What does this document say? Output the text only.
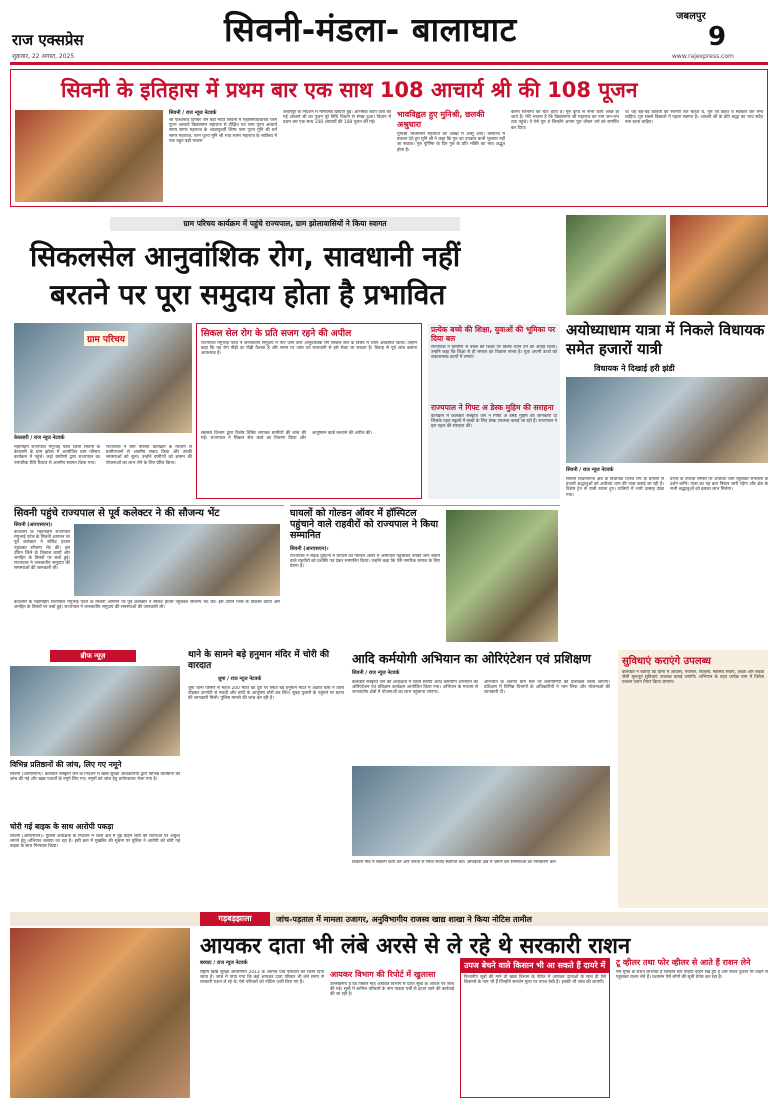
राज एक्सप्रेस
शुक्रवार, 22 अगस्त, 2025
सिवनी-मंडला- बालाघाट	जबलपुर
9
www.rajexpress.com
सिवनी के इतिहास में प्रथम बार एक साथ 108 आचार्य श्री की 108 पूजन
सिवनी / राज न्यूज नेटवर्क
श्री पार्श्वनाथ दिगंबर जैन बड़ा मंदिर सिवनी में महासमाधिधारक परम पूज्य आचार्य विद्यासागर महाराज से दीक्षित एवं परम पूज्य आचार्य समय सागर महाराज के आज्ञानुवर्ती शिष्य परम पूज्य मुनि श्री धर्म सागर महाराज, परम पूज्य मुनि श्री भाव सागर महाराज के सान्निध्य में एक बहुत बड़ी भावना
जबलपुर के निर्देशन में मांगलिक क्रियाएं हुई। अभिषेक शांति धारा की गई आचार्य श्री का पूजन पूरे विधि विधान से संपन्न हुआ। विधान में प्रथम बार एक साथ 108 आचार्यों की 108 पूजन की गई।
भावविह्वल हुए मुनिश्री, छलकी अश्रुधारा
मुनिश्री भावसागर महाराज की आंखों में आंसू आए। धर्मसभा में प्रवचन देते हुए मुनि श्री ने कहा कि गुरु का उपकार कभी भुलाया नहीं जा सकता। गुरु पूर्णिमा के दिन गुरु के प्रति भक्ति का भाव अद्भुत होता है।
करना सौभाग्य की बात होती है। गुरु कृपा से सभी कार्य अच्छे हो जाते हैं। मेरी भावना है कि विद्यासागर जी महाराज का नाम जन-जन तक पहुंचे। वे ऐसे गुरु थे जिन्होंने अपना पूरा जीवन धर्म को समर्पित कर दिया।
थे। वह बड़े-बड़े कवियों की रचनाएं लेते चाहते थे, गुरु जी कहते थे स्वीकार कर लेना चाहिए। गुरु सबसे विद्यालों में पहला स्वागत है। आचार्य श्री के प्रति श्रद्धा का भाव सदैव बना रहना चाहिए।
ग्राम परिचय कार्यक्रम में पहुंचे राज्यपाल, ग्राम झोलावासियों ने किया स्वागत
सिकलसेल आनुवांशिक रोग, सावधानी नहीं
बरतने पर पूरा समुदाय होता है प्रभावित
ग्राम परिचय
केवलारी / राज न्यूज नेटवर्क
महामहिम राज्यपाल मंगुभाई पटेल जिला सिवनी के केवलारी के ग्राम झोला में आयोजित ग्राम परिचय कार्यक्रम में पहुंचे। जहां ग्रामीणों द्वारा राज्यपाल का पारंपरिक रीति रिवाज से आत्मीय स्वागत किया गया।
राज्यपाल ने ग्राम परिचय कार्यक्रम के माध्यम से ग्रामीणजनों से आत्मीय संवाद किया और उनकी समस्याओं को सुना। उन्होंने ग्रामीणों को शासन की योजनाओं का लाभ लेने के लिए प्रेरित किया।
सिकल सेल रोग के प्रति सजग रहने की अपील
राज्यपाल मंगुभाई पटेल ने जनजातीय समुदाय में पाए जाने वाले आनुवांशिक रोग सिकल सेल के विषय में ध्यान आकर्षित किया। उन्होंने कहा कि यह रोग पीढ़ी दर पीढ़ी फैलता है और समय पर जांच एवं सावधानी से इसे रोका जा सकता है। विवाह से पूर्व जांच कराना आवश्यक है।
स्वास्थ्य विभाग द्वारा विशेष शिविर लगाकर ग्रामीणों की जांच की गई। राज्यपाल ने सिकल सेल कार्ड का वितरण किया और आयुष्मान कार्ड बनवाने की अपील की।
प्रत्येक बच्चे की शिक्षा, युवाओं की भूमिका पर दिया बल
राज्यपाल ने ग्रामीणों से बच्चों की शिक्षा पर विशेष ध्यान देने का आग्रह किया। उन्होंने कहा कि शिक्षा से ही समाज का विकास संभव है। युवा अपनी ऊर्जा को सकारात्मक कार्यों में लगाएं।
राज्यपाल ने गिफ्ट अ डेस्क मुहिम की सराहना
कार्यक्रम में कलेक्टर संस्कृति जैन ने गिफ्ट अ डेस्क मुहिम की जानकारी दी जिसके तहत स्कूलों में बच्चों के लिए डेस्क उपलब्ध कराई जा रही हैं। राज्यपाल ने इस पहल की सराहना की।
सिवनी पहुंचे राज्यपाल से पूर्व कलेक्टर ने की सौजन्य भेंट
सिवनी (आरएसएन)।
केवलारी के महामहिम राज्यपाल मंगुभाई पटेल के सिवनी आगमन पर पूर्व कलेक्टर ने सर्किट हाउस पहुंचकर सौजन्य भेंट की। इस दौरान जिले के विकास कार्यों और जनहित के विषयों पर चर्चा हुई। राज्यपाल ने जनजातीय समुदाय की समस्याओं की जानकारी ली।
केवलारी के महामहिम राज्यपाल मंगुभाई पटेल के सिवनी आगमन पर पूर्व कलेक्टर ने सर्किट हाउस पहुंचकर सौजन्य भेंट की। इस दौरान जिले के विकास कार्यों और जनहित के विषयों पर चर्चा हुई। राज्यपाल ने जनजातीय समुदाय की समस्याओं की जानकारी ली।
घायलों को गोल्डन ऑवर में हॉस्पिटल पहुंचाने वाले राहवीरों को राज्यपाल ने किया सम्मानित
सिवनी (आरएसएन)।
राज्यपाल ने सड़क दुर्घटना में घायलों को गोल्डन ऑवर में अस्पताल पहुंचाकर उनकी जान बचाने वाले राहवीरों को प्रशस्ति पत्र देकर सम्मानित किया। उन्होंने कहा कि ऐसे नागरिक समाज के लिए प्रेरणा हैं।
अयोध्याधाम यात्रा में निकले विधायक समेत हजारों यात्री
विधायक ने दिखाई हरी झंडी
सिवनी / राज न्यूज नेटवर्क
सिवनी विधानसभा क्षेत्र के विधायक दिनेश राय के प्रयासों से हजारों श्रद्धालुओं को अयोध्या धाम की यात्रा कराई जा रही है। विशेष ट्रेन से यात्री रवाना हुए। यात्रियों में भारी उत्साह देखा गया।
प्रभार के उपरांत समस्त पर अयोध्या धाम पहुंचकर रामलला के दर्शन करेंगे। यात्रा का यह क्रम निरंतर जारी रहेगा और क्षेत्र के सभी श्रद्धालुओं को इसका लाभ मिलेगा।
ब्रीफ न्यूज़
विभिन्न प्रतिष्ठानों की जांच, लिए गए नमूने
सिवनी (आरएसएन)। कलेक्टर संस्कृति जैन के निर्देशन में खाद्य सुरक्षा अधिकारियों द्वारा विभिन्न प्रतिष्ठानों की जांच की गई और खाद्य पदार्थों के नमूने लिए गए। नमूनों को जांच हेतु प्रयोगशाला भेजा गया है।
चोरी गई बाइक के साथ आरोपी पकड़ा
सिवनी (आरएसएन)। पुलिस अधीक्षक के निर्देशन में थाना क्षेत्र में हुई वाहन चोरी की घटनाओं पर अंकुश लगाने हेतु अभियान चलाया जा रहा है। इसी क्रम में मुखबिर की सूचना पर पुलिस ने आरोपी को चोरी गई बाइक के साथ गिरफ्तार किया।
थाने के सामने बड़े हनुमान मंदिर में चोरी की वारदात
धूमा / राज न्यूज नेटवर्क
धूमा थाना परिसर से महज 200 मीटर की दूरी पर स्थित बड़े हनुमान मंदिर में अज्ञात चोरों ने ताला तोड़कर दानपेटी से नकदी और चांदी के आभूषण चोरी कर लिए। सुबह पुजारी के पहुंचने पर घटना की जानकारी मिली। पुलिस मामले की जांच कर रही है।
आदि कर्मयोगी अभियान का ओरिएंटेशन एवं प्रशिक्षण
सिवनी / राज न्यूज नेटवर्क
कलेक्टर संस्कृति जैन की अध्यक्षता में जिला स्तरीय आदि कर्मयोगी अभियान का ओरिएंटेशन एवं प्रशिक्षण कार्यक्रम आयोजित किया गया। अभियान के माध्यम से जनजातीय क्षेत्रों में योजनाओं का लाभ पहुंचाया जाएगा।
अभियान के अंतर्गत ग्राम स्तर पर कर्मयोगियों को प्रशिक्षित किया जाएगा। प्रशिक्षण में विभिन्न विभागों के अधिकारियों ने भाग लिया और योजनाओं की जानकारी दी।
विकास मोड में संकल्प कार्य करें और जनता से सीधा संवाद स्थापित करें। अधिकारी क्षेत्र में भ्रमण कर समस्याओं का निराकरण करें।
सुविधाएं कराएंगे उपलब्ध
कलेक्टर ने बताया कि ग्रामों में आवास, पेयजल, बिजली, स्वास्थ्य सेवाएं, शिक्षा और सड़क जैसी मूलभूत सुविधाएं उपलब्ध कराई जाएंगी। अभियान के तहत प्रत्येक ग्राम में विलेज एक्शन प्लान तैयार किया जाएगा।
गड़बड़झाला	जांच-पड़ताल में मामला उजागर, अनुविभागीय राजस्व खाद्य शाखा ने किया नोटिस तामील
आयकर दाता भी लंबे अरसे से ले रहे थे सरकारी राशन
बरघाट / राज न्यूज नेटवर्क
राष्ट्रीय खाद्य सुरक्षा अधिनियम 2013 के अंतर्गत पात्र परिवारों को राशन दिया जाता है। जांच में पाया गया कि कई आयकर दाता परिवार भी लंबे समय से सरकारी राशन ले रहे थे। ऐसे परिवारों को नोटिस जारी किए गए हैं।
आयकर विभाग की रिपोर्ट में खुलासा
उल्लेखनीय है कि पिछले माह आयकर विभाग से प्राप्त सूची के आधार पर जांच की गई। सूची में शामिल परिवारों के नाम पात्रता पर्ची से हटाए जाने की कार्रवाई की जा रही है।
उपज बेचने वाले किसान भी आ सकते हैं दायरे में
विभागीय सूत्रों की माने तो खाद्य विभाग के पोर्टल में आयकर दाताओं के साथ ही ऐसे किसानों के नाम भी हैं जिन्होंने समर्थन मूल्य पर उपज बेची है। इनकी भी जांच की जाएगी।
टू व्हीलर तथा फोर व्हीलर से आते हैं राशन लेने
ऐसे मुफ्त के राशन लाभार्थी हैं जिन्होंने चार पहिया वाहन रखे हुए हैं और राशन दुकान पर वाहन से पहुंचकर राशन लेते हैं। प्रशासन ऐसे लोगों की सूची तैयार कर रहा है।
